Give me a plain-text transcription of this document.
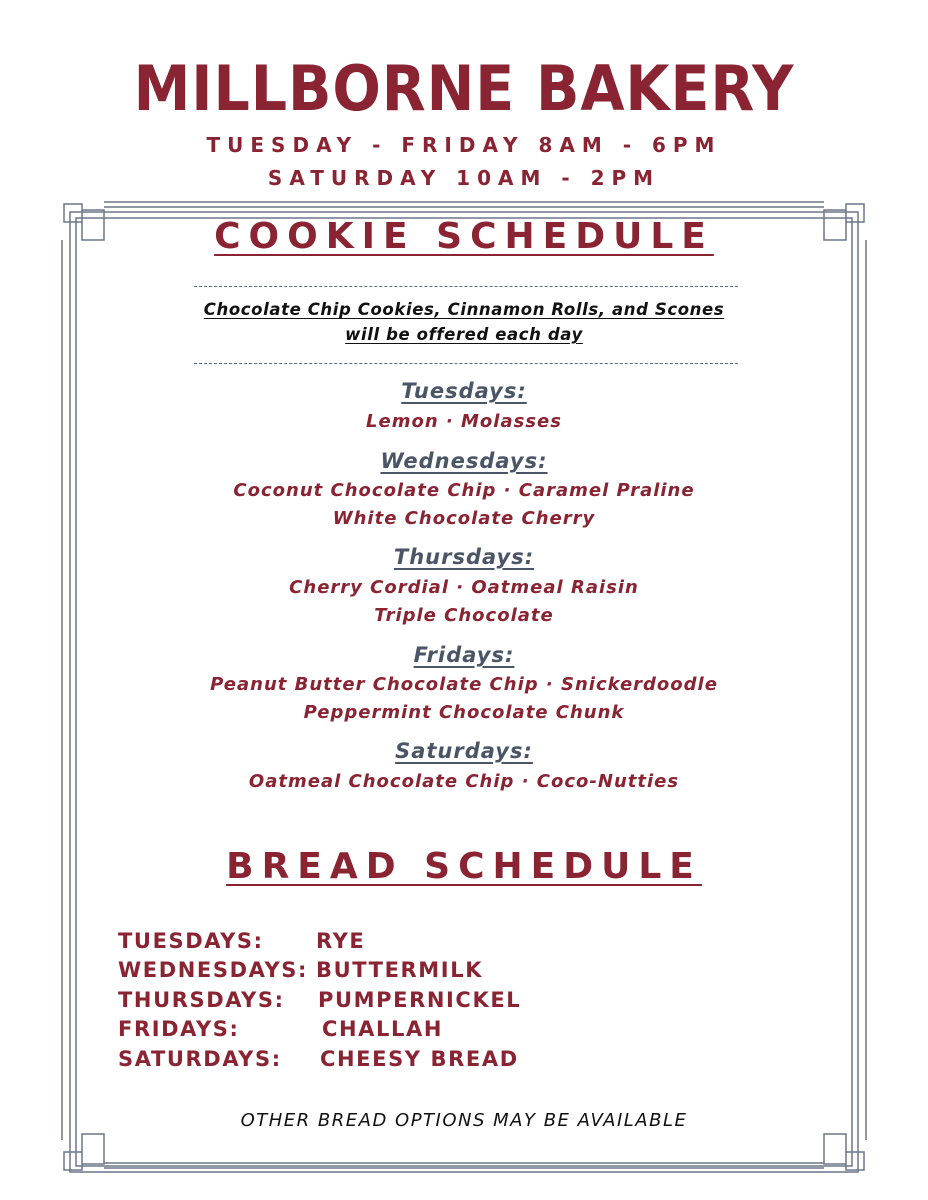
MILLBORNE BAKERY
TUESDAY - FRIDAY 8AM - 6PM
SATURDAY 10AM - 2PM
COOKIE SCHEDULE
Chocolate Chip Cookies, Cinnamon Rolls, and Scones
will be offered each day
Tuesdays:
Lemon · Molasses
Wednesdays:
Coconut Chocolate Chip · Caramel Praline
White Chocolate Cherry
Thursdays:
Cherry Cordial · Oatmeal Raisin
Triple Chocolate
Fridays:
Peanut Butter Chocolate Chip · Snickerdoodle
Peppermint Chocolate Chunk
Saturdays:
Oatmeal Chocolate Chip · Coco-Nutties
BREAD SCHEDULE
TUESDAYS: RYE
WEDNESDAYS: BUTTERMILK
THURSDAYS: PUMPERNICKEL
FRIDAYS:	CHALLAH
SATURDAYS: CHEESY BREAD
OTHER BREAD OPTIONS MAY BE AVAILABLE
